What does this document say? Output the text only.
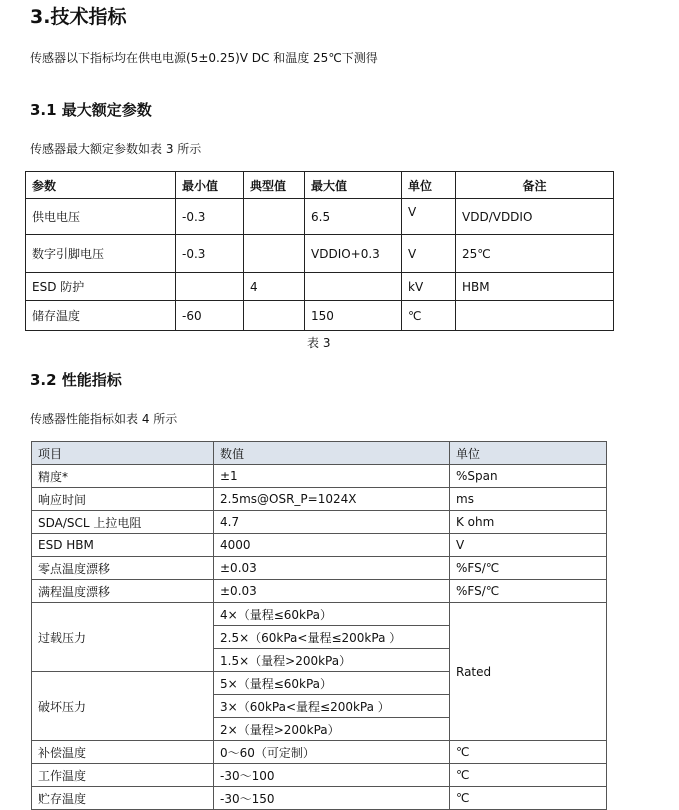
3.技术指标
传感器以下指标均在供电电源(5±0.25)V DC 和温度 25℃下测得
3.1 最大额定参数
传感器最大额定参数如表 3 所示
参数	最小值	典型值	最大值	单位	备注
供电电压	-0.3		6.5	V	VDD/VDDIO
数字引脚电压	-0.3		VDDIO+0.3	V	25℃
ESD 防护		4		kV	HBM
储存温度	-60		150	℃	
表 3
3.2 性能指标
传感器性能指标如表 4 所示
项目	数值	单位
精度*	±1	%Span
响应时间	2.5ms@OSR_P=1024X	ms
SDA/SCL 上拉电阻	4.7	K ohm
ESD HBM	4000	V
零点温度漂移	±0.03	%FS/℃
满程温度漂移	±0.03	%FS/℃
过载压力	4×（量程≤60kPa）	Rated
	2.5×（60kPa<量程≤200kPa ）	
	1.5×（量程>200kPa）	
破坏压力	5×（量程≤60kPa）	
	3×（60kPa<量程≤200kPa ）	
	2×（量程>200kPa）	
补偿温度	0～60（可定制）	℃
工作温度	-30～100	℃
贮存温度	-30～150	℃
